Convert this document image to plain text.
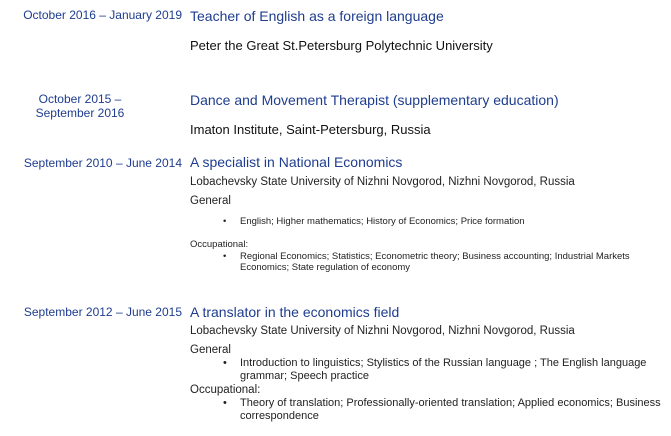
October 2016 – January 2019 Teacher of English as a foreign language
Peter the Great St.Petersburg Polytechnic University
October 2015 –
September 2016
Dance and Movement Therapist (supplementary education)
Imaton Institute, Saint-Petersburg, Russia
September 2010 – June 2014 A specialist in National Economics
Lobachevsky State University of Nizhni Novgorod, Nizhni Novgorod, Russia
General
• English; Higher mathematics; History of Economics; Price formation
Occupational:
• Regional Economics; Statistics; Econometric theory; Business accounting; Industrial Markets Economics; State regulation of economy
September 2012 – June 2015 A translator in the economics field
Lobachevsky State University of Nizhni Novgorod, Nizhni Novgorod, Russia
General
• Introduction to linguistics; Stylistics of the Russian language ; The English language grammar; Speech practice
Occupational:
• Theory of translation; Professionally-oriented translation; Applied economics; Business correspondence
